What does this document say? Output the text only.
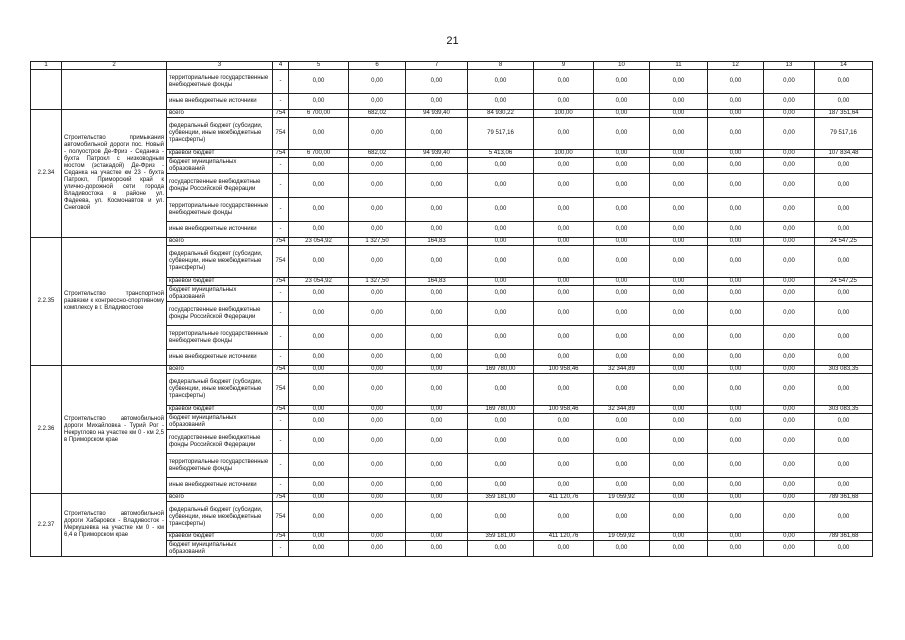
21
1	2	3	4	5	6	7	8	9	10	11	12	13	14
		территориальные государственные внебюджетные фонды	-	0,00	0,00	0,00	0,00	0,00	0,00	0,00	0,00	0,00	0,00
		иные внебюджетные источники	-	0,00	0,00	0,00	0,00	0,00	0,00	0,00	0,00	0,00	0,00
2.2.34	Строительство примыкания автомобильной дороги пос. Новый - полуостров Де-Фриз - Седанка - бухта Патрокл с низководным мостом (эстакадой) Де-Фриз - Седанка на участке км 23 - бухта Патрокл, Приморский край к улично-дорожной сети города Владивостока в районе ул. Фадеева, ул. Космонавтов и ул. Снеговой	всего	754	6 700,00	682,02	94 939,40	84 930,22	100,00	0,00	0,00	0,00	0,00	187 351,64
		федеральный бюджет (субсидии, субвенции, иные межбюджетные трансферты)	754	0,00	0,00	0,00	79 517,16	0,00	0,00	0,00	0,00	0,00	79 517,16
		краевой бюджет	754	6 700,00	682,02	94 939,40	5 413,06	100,00	0,00	0,00	0,00	0,00	107 834,48
		бюджет муниципальных образований	-	0,00	0,00	0,00	0,00	0,00	0,00	0,00	0,00	0,00	0,00
		государственные внебюджетные фонды Российской Федерации	-	0,00	0,00	0,00	0,00	0,00	0,00	0,00	0,00	0,00	0,00
		территориальные государственные внебюджетные фонды	-	0,00	0,00	0,00	0,00	0,00	0,00	0,00	0,00	0,00	0,00
		иные внебюджетные источники	-	0,00	0,00	0,00	0,00	0,00	0,00	0,00	0,00	0,00	0,00
2.2.35	Строительство транспортной развязки к конгрессно-спортивному комплексу в г. Владивостоке	всего	754	23 054,92	1 327,50	164,83	0,00	0,00	0,00	0,00	0,00	0,00	24 547,25
		федеральный бюджет (субсидии, субвенции, иные межбюджетные трансферты)	754	0,00	0,00	0,00	0,00	0,00	0,00	0,00	0,00	0,00	0,00
		краевой бюджет	754	23 054,92	1 327,50	164,83	0,00	0,00	0,00	0,00	0,00	0,00	24 547,25
		бюджет муниципальных образований	-	0,00	0,00	0,00	0,00	0,00	0,00	0,00	0,00	0,00	0,00
		государственные внебюджетные фонды Российской Федерации	-	0,00	0,00	0,00	0,00	0,00	0,00	0,00	0,00	0,00	0,00
		территориальные государственные внебюджетные фонды	-	0,00	0,00	0,00	0,00	0,00	0,00	0,00	0,00	0,00	0,00
		иные внебюджетные источники	-	0,00	0,00	0,00	0,00	0,00	0,00	0,00	0,00	0,00	0,00
2.2.36	Строительство автомобильной дороги Михайловка - Турий Рог - Некруглово на участке км 0 - км 2,5 в Приморском крае	всего	754	0,00	0,00	0,00	169 780,00	100 958,46	32 344,89	0,00	0,00	0,00	303 083,35
		федеральный бюджет (субсидии, субвенции, иные межбюджетные трансферты)	754	0,00	0,00	0,00	0,00	0,00	0,00	0,00	0,00	0,00	0,00
		краевой бюджет	754	0,00	0,00	0,00	169 780,00	100 958,46	32 344,89	0,00	0,00	0,00	303 083,35
		бюджет муниципальных образований	-	0,00	0,00	0,00	0,00	0,00	0,00	0,00	0,00	0,00	0,00
		государственные внебюджетные фонды Российской Федерации	-	0,00	0,00	0,00	0,00	0,00	0,00	0,00	0,00	0,00	0,00
		территориальные государственные внебюджетные фонды	-	0,00	0,00	0,00	0,00	0,00	0,00	0,00	0,00	0,00	0,00
		иные внебюджетные источники	-	0,00	0,00	0,00	0,00	0,00	0,00	0,00	0,00	0,00	0,00
2.2.37	Строительство автомобильной дороги Хабаровск - Владивосток - Меркушевка на участке км 0 - км 6,4 в Приморском крае	всего	754	0,00	0,00	0,00	359 181,00	411 120,76	19 059,92	0,00	0,00	0,00	789 361,68
		федеральный бюджет (субсидии, субвенции, иные межбюджетные трансферты)	754	0,00	0,00	0,00	0,00	0,00	0,00	0,00	0,00	0,00	0,00
		краевой бюджет	754	0,00	0,00	0,00	359 181,00	411 120,76	19 059,92	0,00	0,00	0,00	789 361,68
		бюджет муниципальных образований	-	0,00	0,00	0,00	0,00	0,00	0,00	0,00	0,00	0,00	0,00
